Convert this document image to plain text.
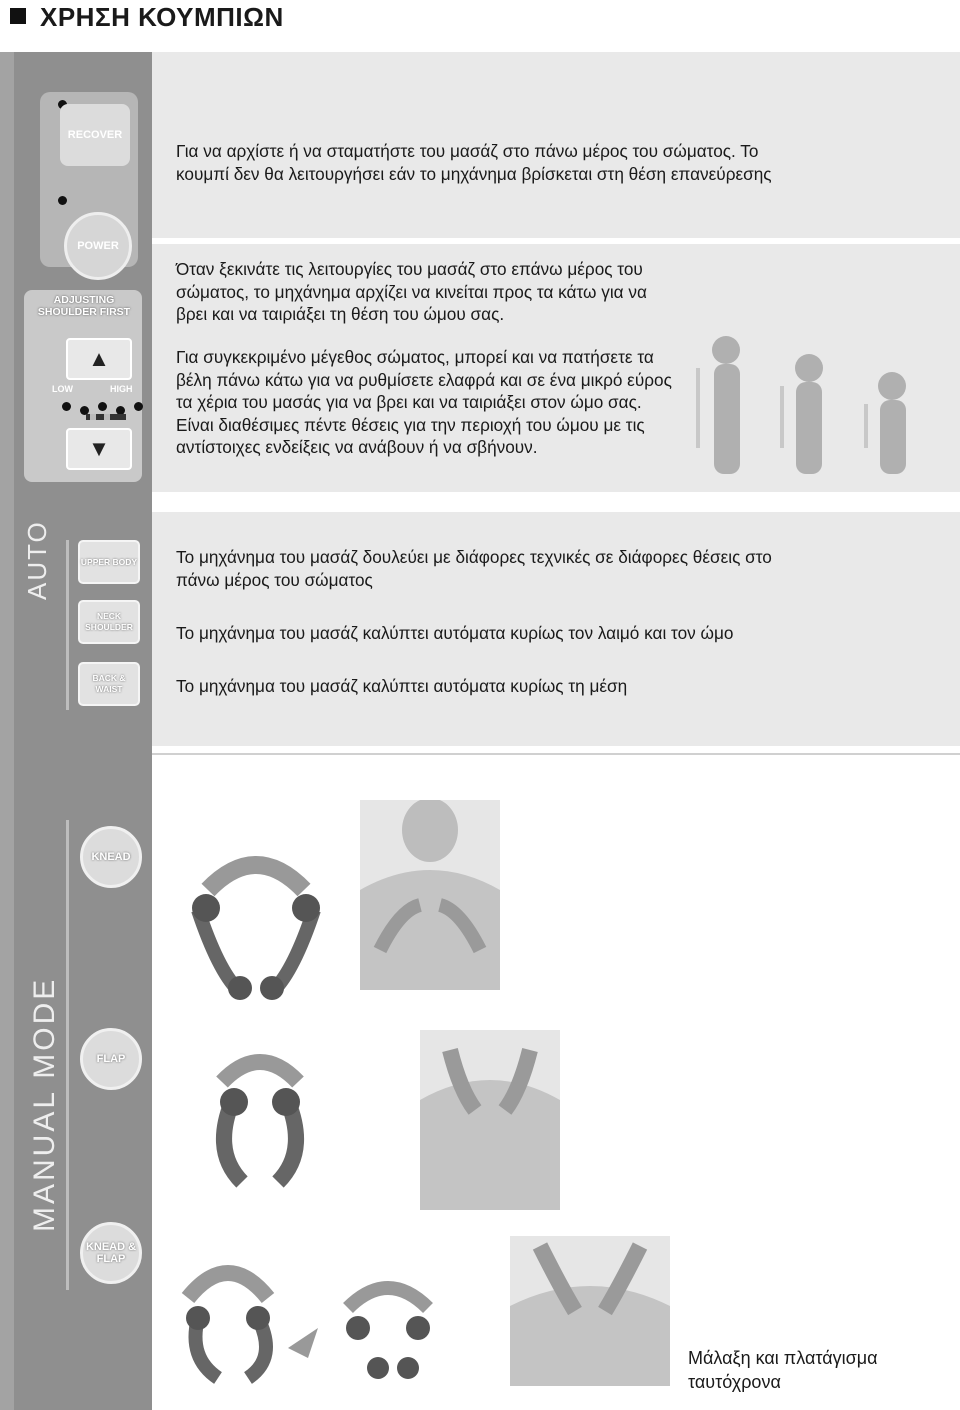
ΧΡΗΣΗ ΚΟΥΜΠΙΩΝ
RECOVER
POWER
ADJUSTING SHOULDER FIRST
▲
LOW	HIGH
▼
AUTO	UPPER BODY
NECK SHOULDER
BACK & WAIST
MANUAL MODE
KNEAD
FLAP
KNEAD & FLAP
Για να αρχίστε ή να σταματήστε του μασάζ στο πάνω μέρος του σώματος. Το κουμπί δεν θα λειτουργήσει εάν το μηχάνημα βρίσκεται στη θέση επανεύρεσης
Όταν ξεκινάτε τις λειτουργίες του μασάζ στο επάνω μέρος του σώματος, το μηχάνημα αρχίζει να κινείται προς τα κάτω για να βρει και να ταιριάξει τη θέση του ώμου σας.
Για συγκεκριμένο μέγεθος σώματος, μπορεί και να πατήσετε τα βέλη πάνω κάτω για να ρυθμίσετε ελαφρά και σε ένα μικρό εύρος τα χέρια του μασάς για να βρει και να ταιριάξει στον ώμο σας. Είναι διαθέσιμες πέντε θέσεις για την περιοχή του ώμου με τις αντίστοιχες ενδείξεις να ανάβουν ή να σβήνουν.
Το μηχάνημα του μασάζ δουλεύει με διάφορες τεχνικές σε διάφορες θέσεις στο πάνω μέρος του σώματος
Το μηχάνημα του μασάζ καλύπτει αυτόματα κυρίως τον λαιμό και τον ώμο
Το μηχάνημα του μασάζ καλύπτει αυτόματα κυρίως τη μέση
Μάλαξη και πλατάγισμα ταυτόχρονα
